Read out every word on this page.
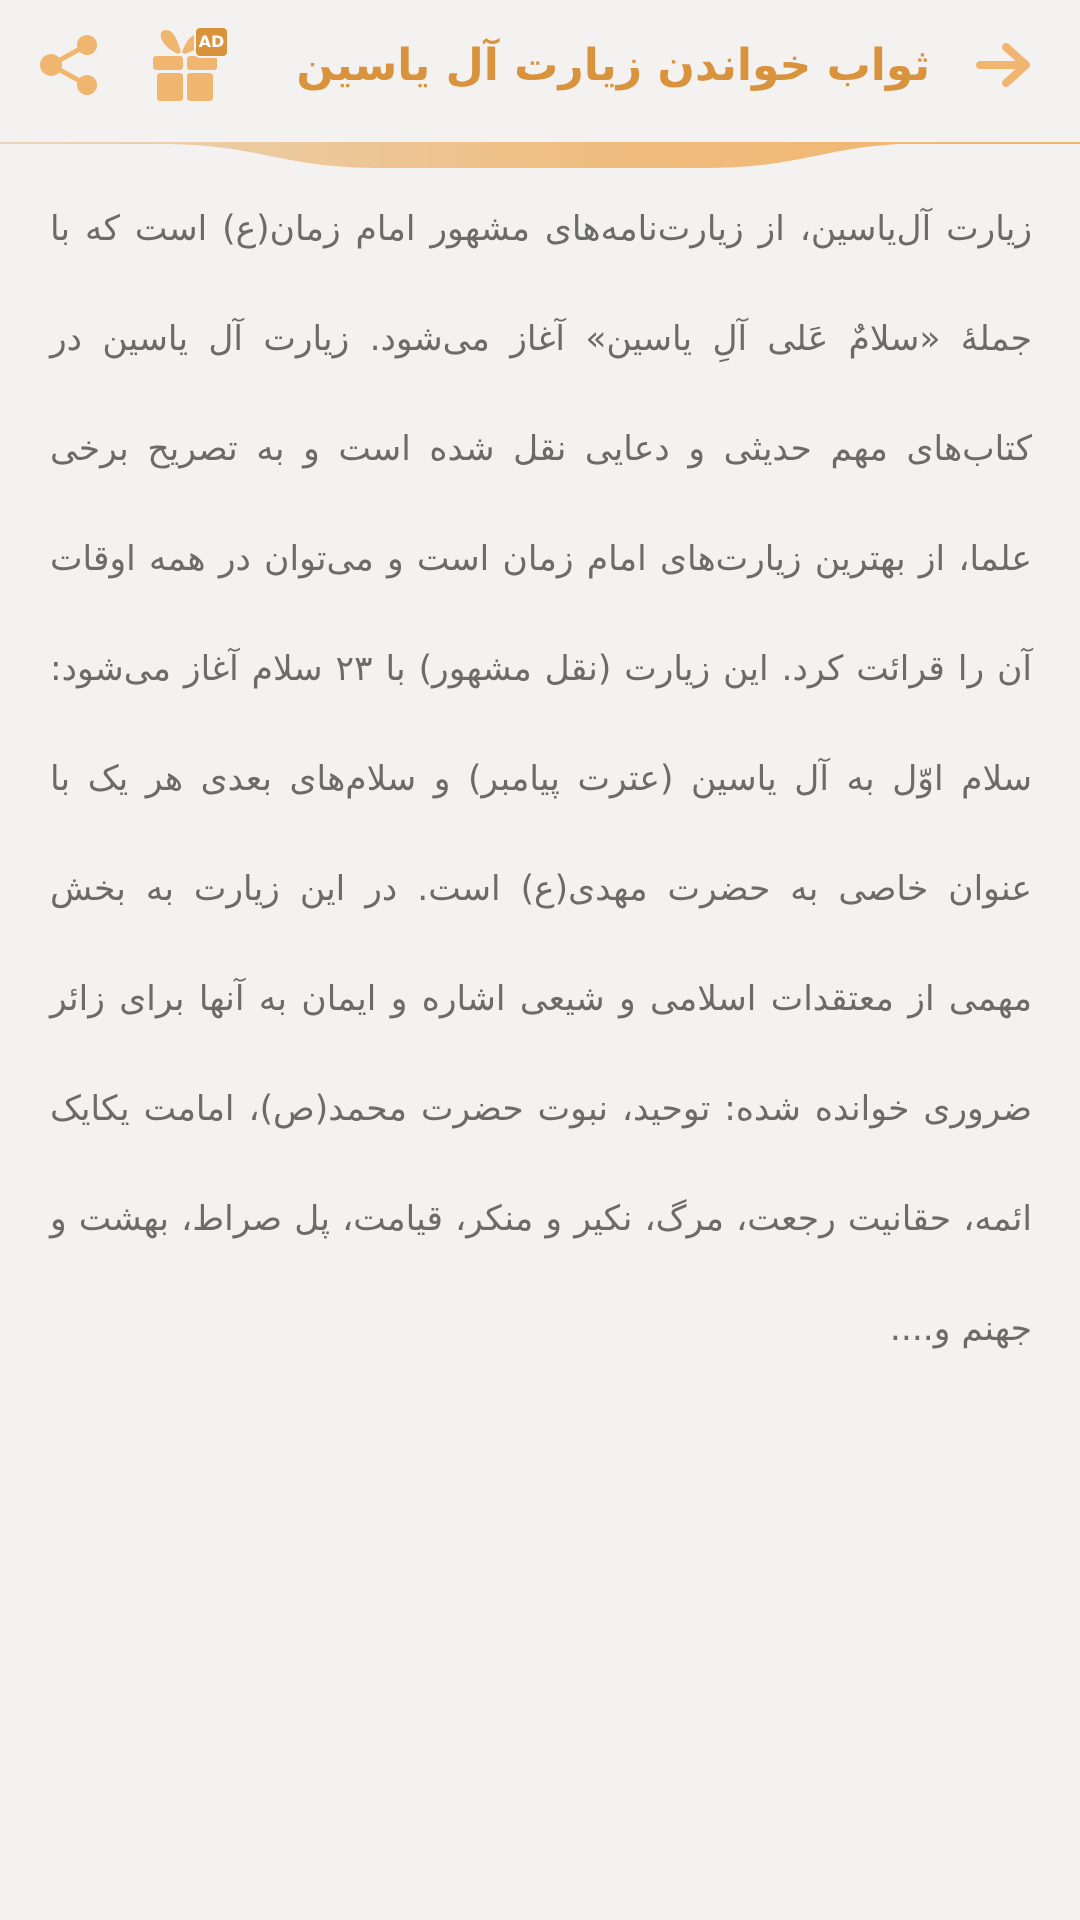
ثواب خواندن زیارت آل یاسین
AD
زیارت آل‌یاسین، از زیارت‌نامه‌های مشهور امام زمان(ع) است که با جملهٔ «سلامٌ عَلی آلِ یاسین» آغاز می‌شود. زیارت آل یاسین در کتاب‌های مهم حدیثی و دعایی نقل شده است و به تصریح برخی علما، از بهترین زیارت‌های امام زمان است و می‌توان در همه اوقات آن را قرائت کرد. این زیارت (نقل مشهور) با ۲۳ سلام آغاز می‌شود: سلام اوّل به آل یاسین (عترت پیامبر) و سلام‌های بعدی هر یک با عنوان خاصی به حضرت مهدی(ع) است. در این زیارت به بخش مهمی از معتقدات اسلامی و شیعی اشاره و ایمان به آنها برای زائر ضروری خوانده شده: توحید، نبوت حضرت محمد(ص)، امامت یکایک ائمه، حقانیت رجعت، مرگ، نکیر و منکر، قیامت، پل صراط، بهشت و جهنم و....
